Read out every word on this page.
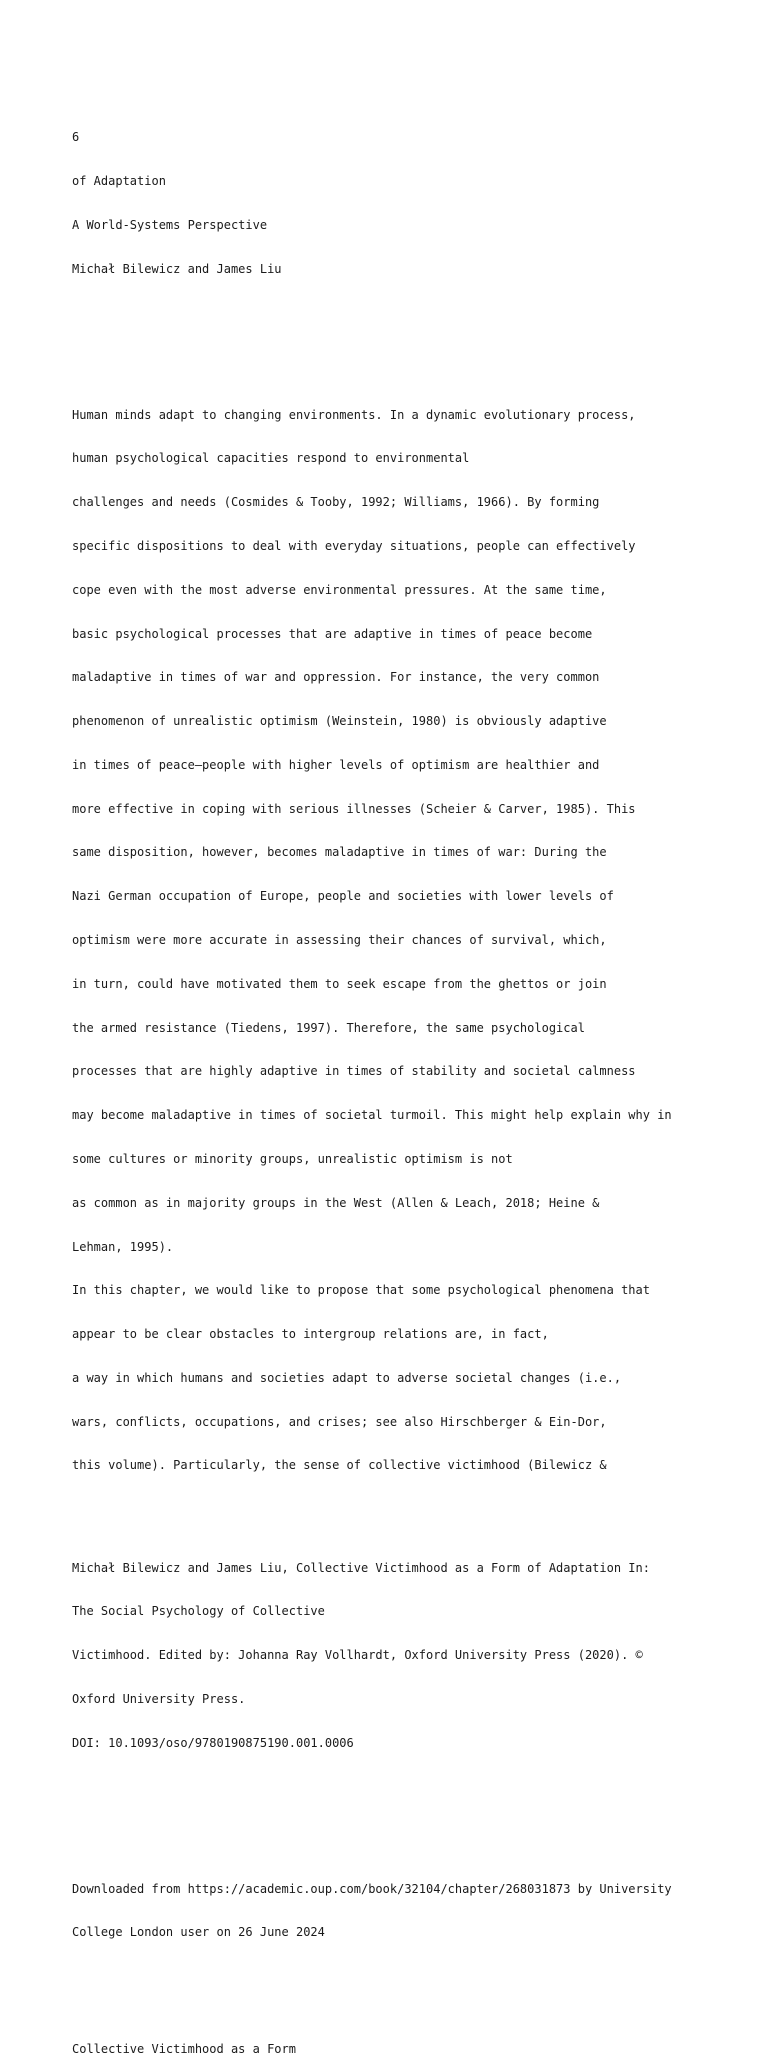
6

of Adaptation

A World-Systems Perspective

Michał Bilewicz and James Liu

Human minds adapt to changing environments. In a dynamic evolutionary process,

human psychological capacities respond to environmental

challenges and needs (Cosmides & Tooby, 1992; Williams, 1966). By forming

specific dispositions to deal with everyday situations, people can effectively

cope even with the most adverse environmental pressures. At the same time,

basic psychological processes that are adaptive in times of peace become

maladaptive in times of war and oppression. For instance, the very common

phenomenon of unrealistic optimism (Weinstein, 1980) is obviously adaptive

in times of peace—people with higher levels of optimism are healthier and

more effective in coping with serious illnesses (Scheier & Carver, 1985). This

same disposition, however, becomes maladaptive in times of war: During the

Nazi German occupation of Europe, people and societies with lower levels of

optimism were more accurate in assessing their chances of survival, which,

in turn, could have motivated them to seek escape from the ghettos or join

the armed resistance (Tiedens, 1997). Therefore, the same psychological

processes that are highly adaptive in times of stability and societal calmness

may become maladaptive in times of societal turmoil. This might help explain why in

some cultures or minority groups, unrealistic optimism is not

as common as in majority groups in the West (Allen & Leach, 2018; Heine &

Lehman, 1995).

In this chapter, we would like to propose that some psychological phenomena that

appear to be clear obstacles to intergroup relations are, in fact,

a way in which humans and societies adapt to adverse societal changes (i.e.,

wars, conflicts, occupations, and crises; see also Hirschberger & Ein-Dor,

this volume). Particularly, the sense of collective victimhood (Bilewicz &

Michał Bilewicz and James Liu, Collective Victimhood as a Form of Adaptation In:

The Social Psychology of Collective

Victimhood. Edited by: Johanna Ray Vollhardt, Oxford University Press (2020). ©

Oxford University Press.

DOI: 10.1093/oso/9780190875190.001.0006

Downloaded from https://academic.oup.com/book/32104/chapter/268031873 by University

College London user on 26 June 2024

Collective Victimhood as a Form
